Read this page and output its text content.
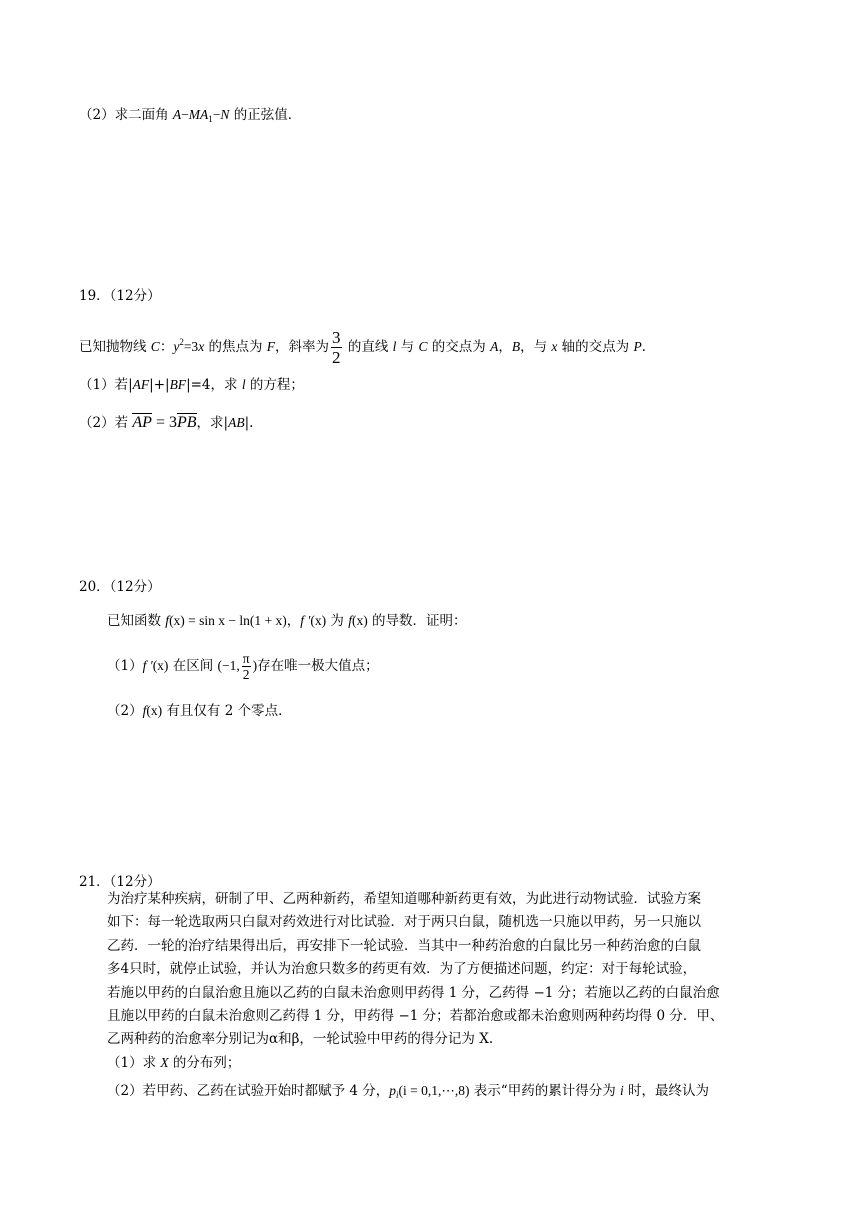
（2）求二面角 $A-MA_1-N$ 的正弦值．
19．（12分）
已知抛物线 C：$y^2=3x$ 的焦点为 F，斜率为 $\frac{3}{2}$ 的直线 l 与 C 的交点为 A，B，与 x 轴的交点为 P．
（1）若|AF|+|BF|=4，求 l 的方程；
（2）若 AP = 3PB，求|AB|.
20．（12分）
已知函数 f(x) = sin x − ln(1 + x)，f ′(x) 为 f(x) 的导数．证明：
（1）f ′(x) 在区间 (−1, $\frac{\pi}{2}$ )存在唯一极大值点；
（2）f(x) 有且仅有 2 个零点．
21．（12分）
为治疗某种疾病，研制了甲、乙两种新药，希望知道哪种新药更有效，为此进行动物试验．试验方案
如下：每一轮选取两只白鼠对药效进行对比试验．对于两只白鼠，随机选一只施以甲药，另一只施以
乙药．一轮的治疗结果得出后，再安排下一轮试验．当其中一种药治愈的白鼠比另一种药治愈的白鼠
多4只时，就停止试验，并认为治愈只数多的药更有效．为了方便描述问题，约定：对于每轮试验，
若施以甲药的白鼠治愈且施以乙药的白鼠未治愈则甲药得 1 分，乙药得 −1 分；若施以乙药的白鼠治愈
且施以甲药的白鼠未治愈则乙药得 1 分，甲药得 −1 分；若都治愈或都未治愈则两种药均得 0 分．甲、
乙两种药的治愈率分别记为α和β，一轮试验中甲药的得分记为 X.
（1）求 X 的分布列；
（2）若甲药、乙药在试验开始时都赋予 4 分，$p_i(i$ = 0,1,⋯,8) 表示“甲药的累计得分为 i 时，最终认为
